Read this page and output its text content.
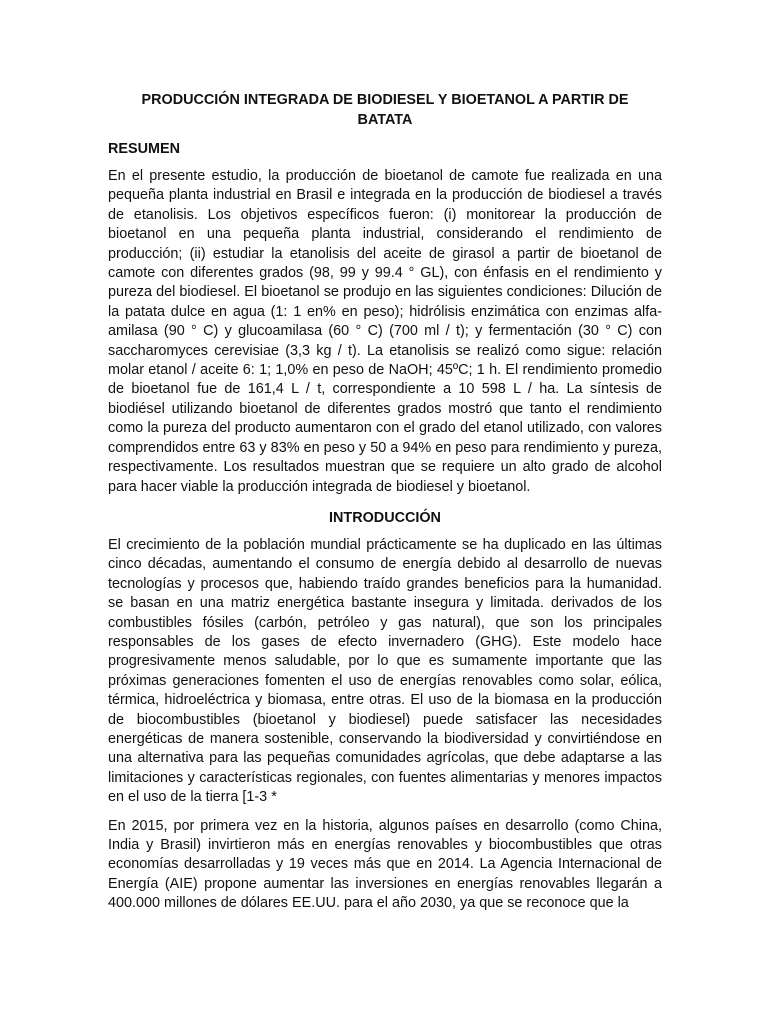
PRODUCCIÓN INTEGRADA DE BIODIESEL Y BIOETANOL A PARTIR DE BATATA
RESUMEN

En el presente estudio, la producción de bioetanol de camote fue realizada en una pequeña planta industrial en Brasil e integrada en la producción de biodiesel a través de etanolisis. Los objetivos específicos fueron: (i) monitorear la producción de bioetanol en una pequeña planta industrial, considerando el rendimiento de producción; (ii) estudiar la etanolisis del aceite de girasol a partir de bioetanol de camote con diferentes grados (98, 99 y 99.4 ° GL), con énfasis en el rendimiento y pureza del biodiesel. El bioetanol se produjo en las siguientes condiciones: Dilución de la patata dulce en agua (1: 1 en% en peso); hidrólisis enzimática con enzimas alfa-amilasa (90 ° C) y glucoamilasa (60 ° C) (700 ml / t); y fermentación (30 ° C) con saccharomyces cerevisiae (3,3 kg / t). La etanolisis se realizó como sigue: relación molar etanol / aceite 6: 1; 1,0% en peso de NaOH; 45ºC; 1 h. El rendimiento promedio de bioetanol fue de 161,4 L / t, correspondiente a 10 598 L / ha. La síntesis de biodiésel utilizando bioetanol de diferentes grados mostró que tanto el rendimiento como la pureza del producto aumentaron con el grado del etanol utilizado, con valores comprendidos entre 63 y 83% en peso y 50 a 94% en peso para rendimiento y pureza, respectivamente. Los resultados muestran que se requiere un alto grado de alcohol para hacer viable la producción integrada de biodiesel y bioetanol.

INTRODUCCIÓN

El crecimiento de la población mundial prácticamente se ha duplicado en las últimas cinco décadas, aumentando el consumo de energía debido al desarrollo de nuevas tecnologías y procesos que, habiendo traído grandes beneficios para la humanidad. se basan en una matriz energética bastante insegura y limitada. derivados de los combustibles fósiles (carbón, petróleo y gas natural), que son los principales responsables de los gases de efecto invernadero (GHG). Este modelo hace progresivamente menos saludable, por lo que es sumamente importante que las próximas generaciones fomenten el uso de energías renovables como solar, eólica, térmica, hidroeléctrica y biomasa, entre otras. El uso de la biomasa en la producción de biocombustibles (bioetanol y biodiesel) puede satisfacer las necesidades energéticas de manera sostenible, conservando la biodiversidad y convirtiéndose en una alternativa para las pequeñas comunidades agrícolas, que debe adaptarse a las limitaciones y características regionales, con fuentes alimentarias y menores impactos en el uso de la tierra [1-3 *

En 2015, por primera vez en la historia, algunos países en desarrollo (como China, India y Brasil) invirtieron más en energías renovables y biocombustibles que otras economías desarrolladas y 19 veces más que en 2014. La Agencia Internacional de Energía (AIE) propone aumentar las inversiones en energías renovables llegarán a 400.000 millones de dólares EE.UU. para el año 2030, ya que se reconoce que la
